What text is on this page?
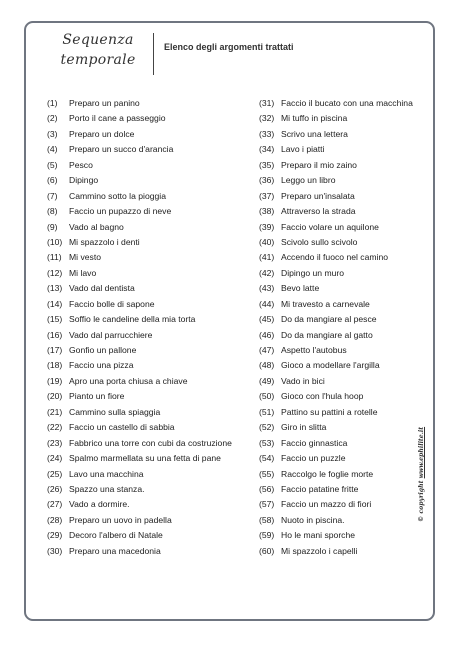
Sequenza
temporale
Elenco degli argomenti trattati
(1) Preparo un panino
(2) Porto il cane a passeggio
(3) Preparo un dolce
(4) Preparo un succo d'arancia
(5) Pesco
(6) Dipingo
(7) Cammino sotto la pioggia
(8) Faccio un pupazzo di neve
(9) Vado al bagno
(10) Mi spazzolo i denti
(11) Mi vesto
(12) Mi lavo
(13) Vado dal dentista
(14) Faccio bolle di sapone
(15) Soffio le candeline della mia torta
(16) Vado dal parrucchiere
(17) Gonfio un pallone
(18) Faccio una pizza
(19) Apro una porta chiusa a chiave
(20) Pianto un fiore
(21) Cammino sulla spiaggia
(22) Faccio un castello di sabbia
(23) Fabbrico una torre con cubi da costruzione
(24) Spalmo marmellata su una fetta di pane
(25) Lavo una macchina
(26) Spazzo una stanza.
(27) Vado a dormire.
(28) Preparo un uovo in padella
(29) Decoro l'albero di Natale
(30) Preparo una macedonia
(31) Faccio il bucato con una macchina
(32) Mi tuffo in piscina
(33) Scrivo una lettera
(34) Lavo i piatti
(35) Preparo il mio zaino
(36) Leggo un libro
(37) Preparo un'insalata
(38) Attraverso la strada
(39) Faccio volare un aquilone
(40) Scivolo sullo scivolo
(41) Accendo il fuoco nel camino
(42) Dipingo un muro
(43) Bevo latte
(44) Mi travesto a carnevale
(45) Do da mangiare al pesce
(46) Do da mangiare al gatto
(47) Aspetto l'autobus
(48) Gioco a modellare l'argilla
(49) Vado in bici
(50) Gioco con l'hula hoop
(51) Pattino su pattini a rotelle
(52) Giro in slitta
(53) Faccio ginnastica
(54) Faccio un puzzle
(55) Raccolgo le foglie morte
(56) Faccio patatine fritte
(57) Faccio un mazzo di fiori
(58) Nuoto in piscina.
(59) Ho le mani sporche
(60) Mi spazzolo i capelli
© copyright www.ephilite.it
